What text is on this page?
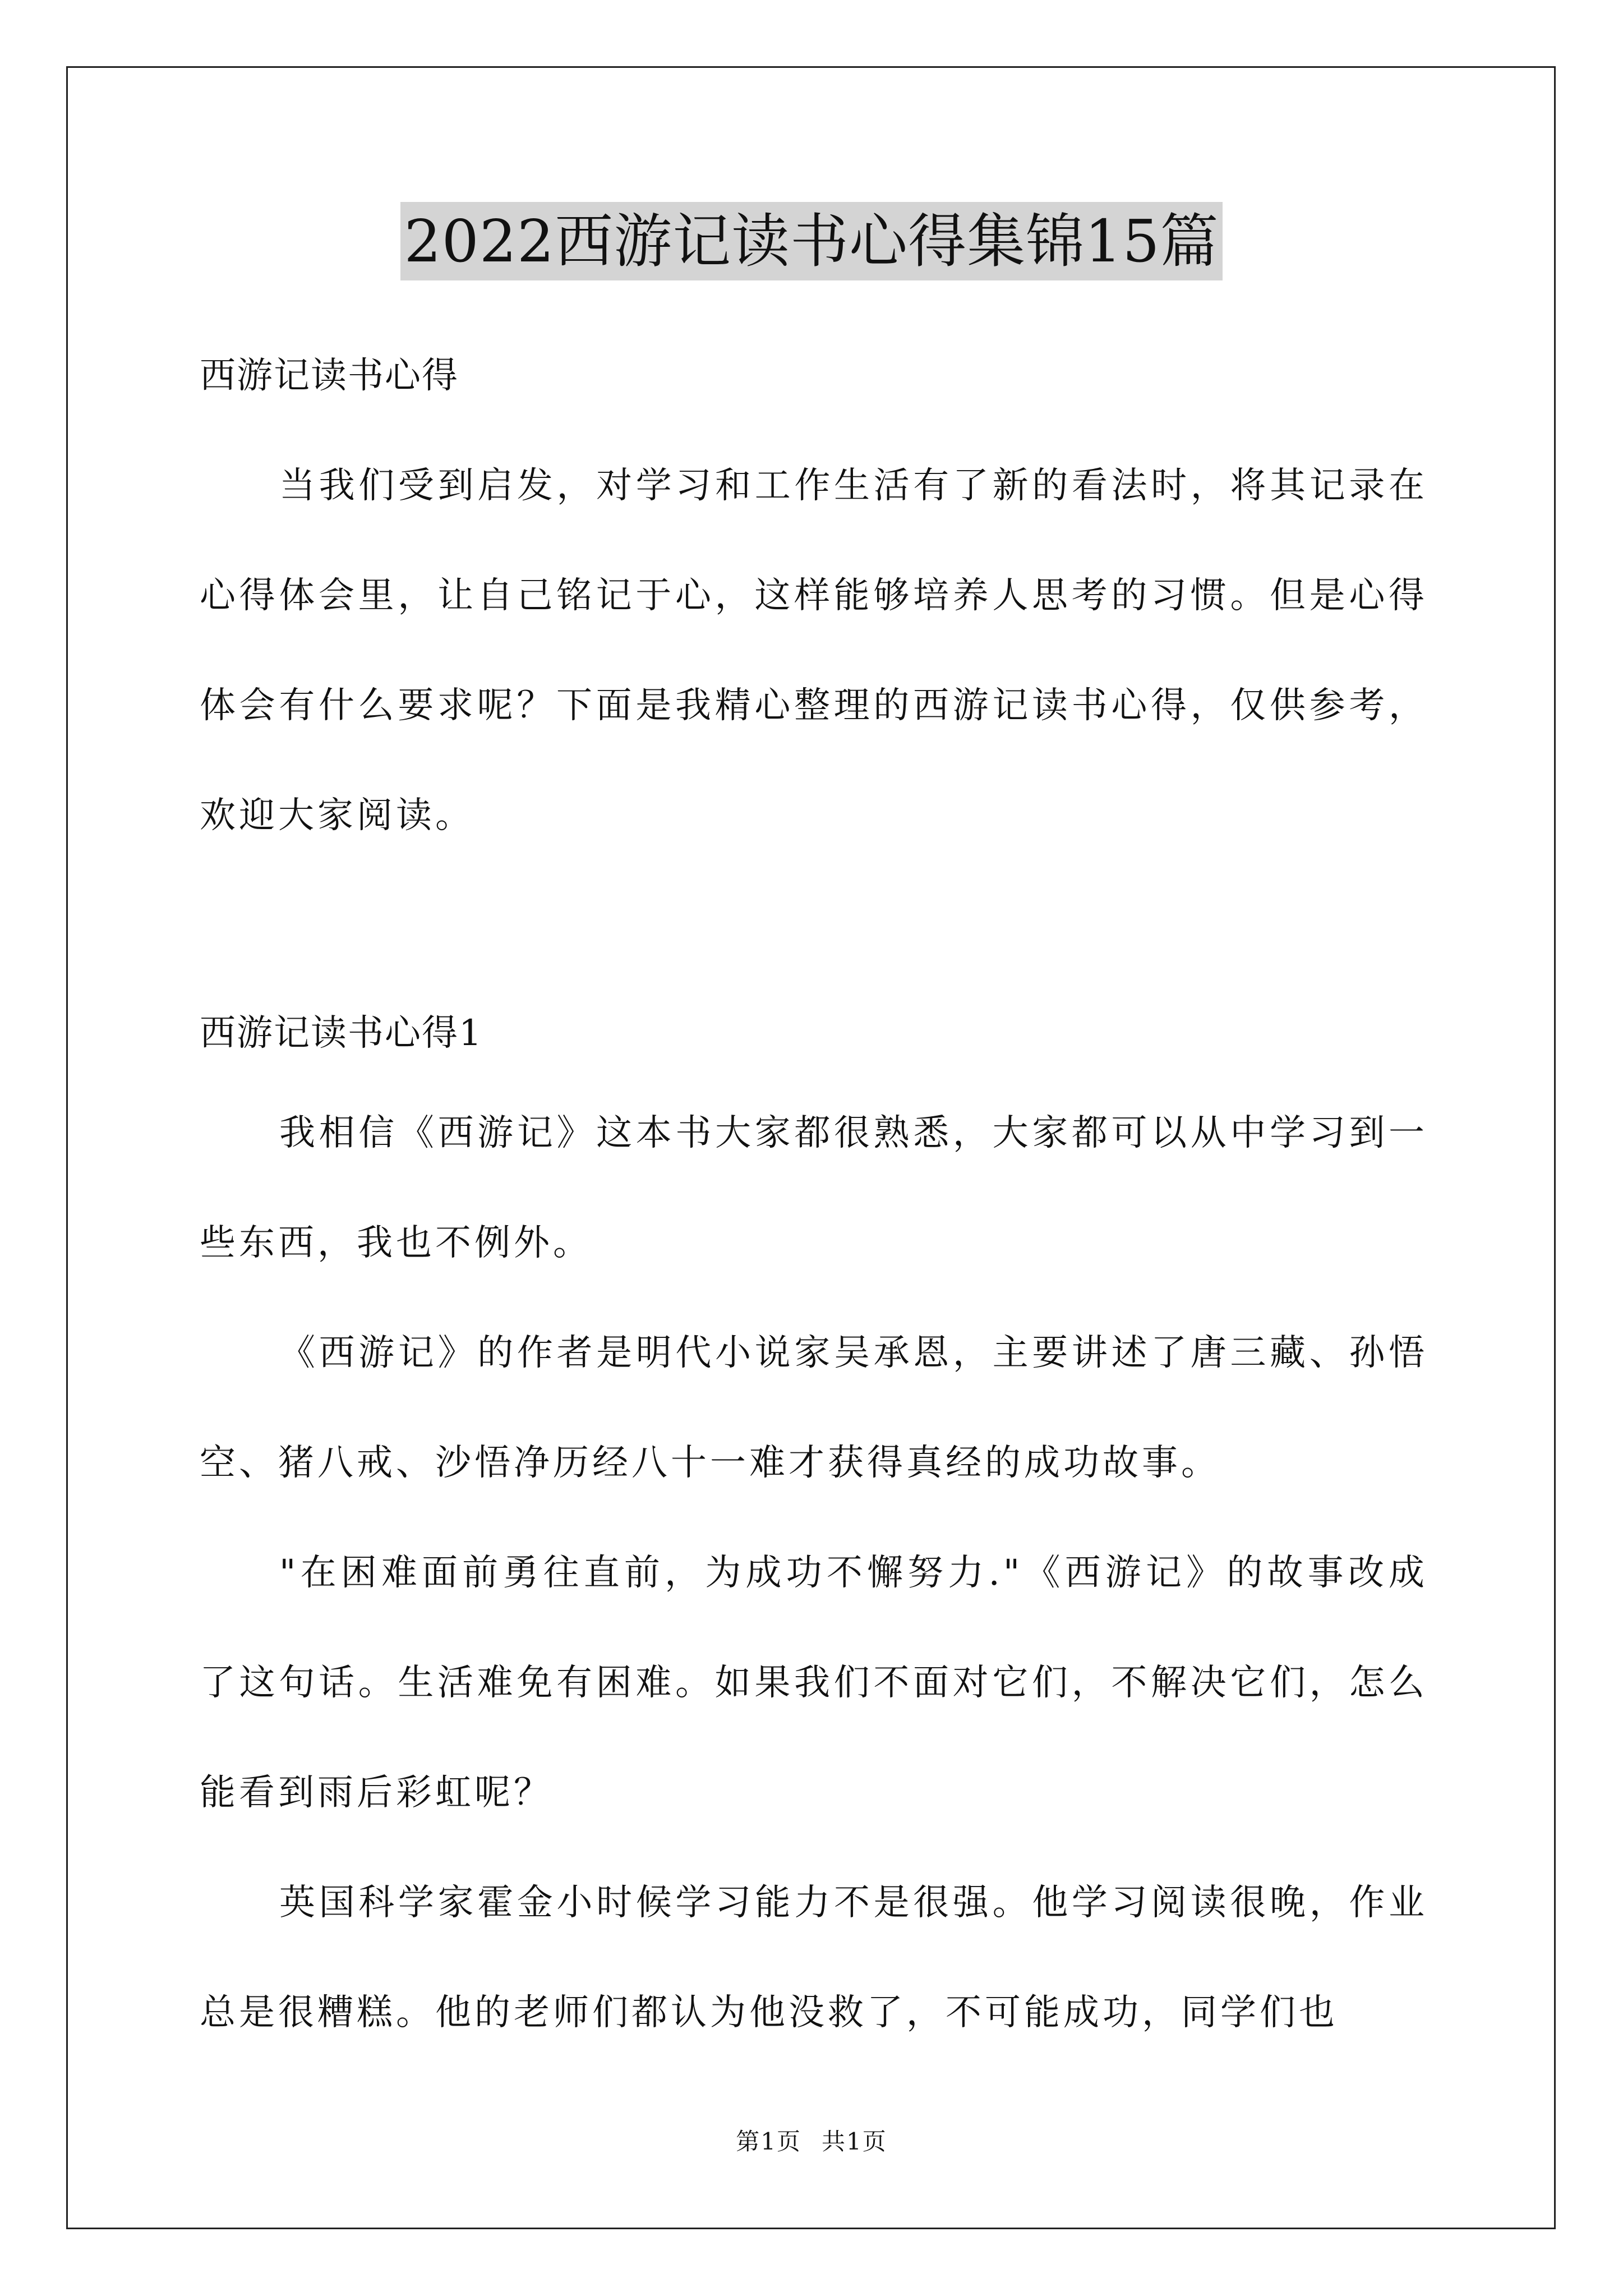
2022西游记读书心得集锦15篇

西游记读书心得

当我们受到启发，对学习和工作生活有了新的看法时，将其记录在心得体会里，让自己铭记于心，这样能够培养人思考的习惯。但是心得体会有什么要求呢？下面是我精心整理的西游记读书心得，仅供参考，欢迎大家阅读。

西游记读书心得1

我相信《西游记》这本书大家都很熟悉，大家都可以从中学习到一些东西，我也不例外。

《西游记》的作者是明代小说家吴承恩，主要讲述了唐三藏、孙悟空、猪八戒、沙悟净历经八十一难才获得真经的成功故事。

"在困难面前勇往直前，为成功不懈努力."《西游记》的故事改成了这句话。生活难免有困难。如果我们不面对它们，不解决它们，怎么能看到雨后彩虹呢？

英国科学家霍金小时候学习能力不是很强。他学习阅读很晚，作业总是很糟糕。他的老师们都认为他没救了，不可能成功，同学们也

第1页 共1页
